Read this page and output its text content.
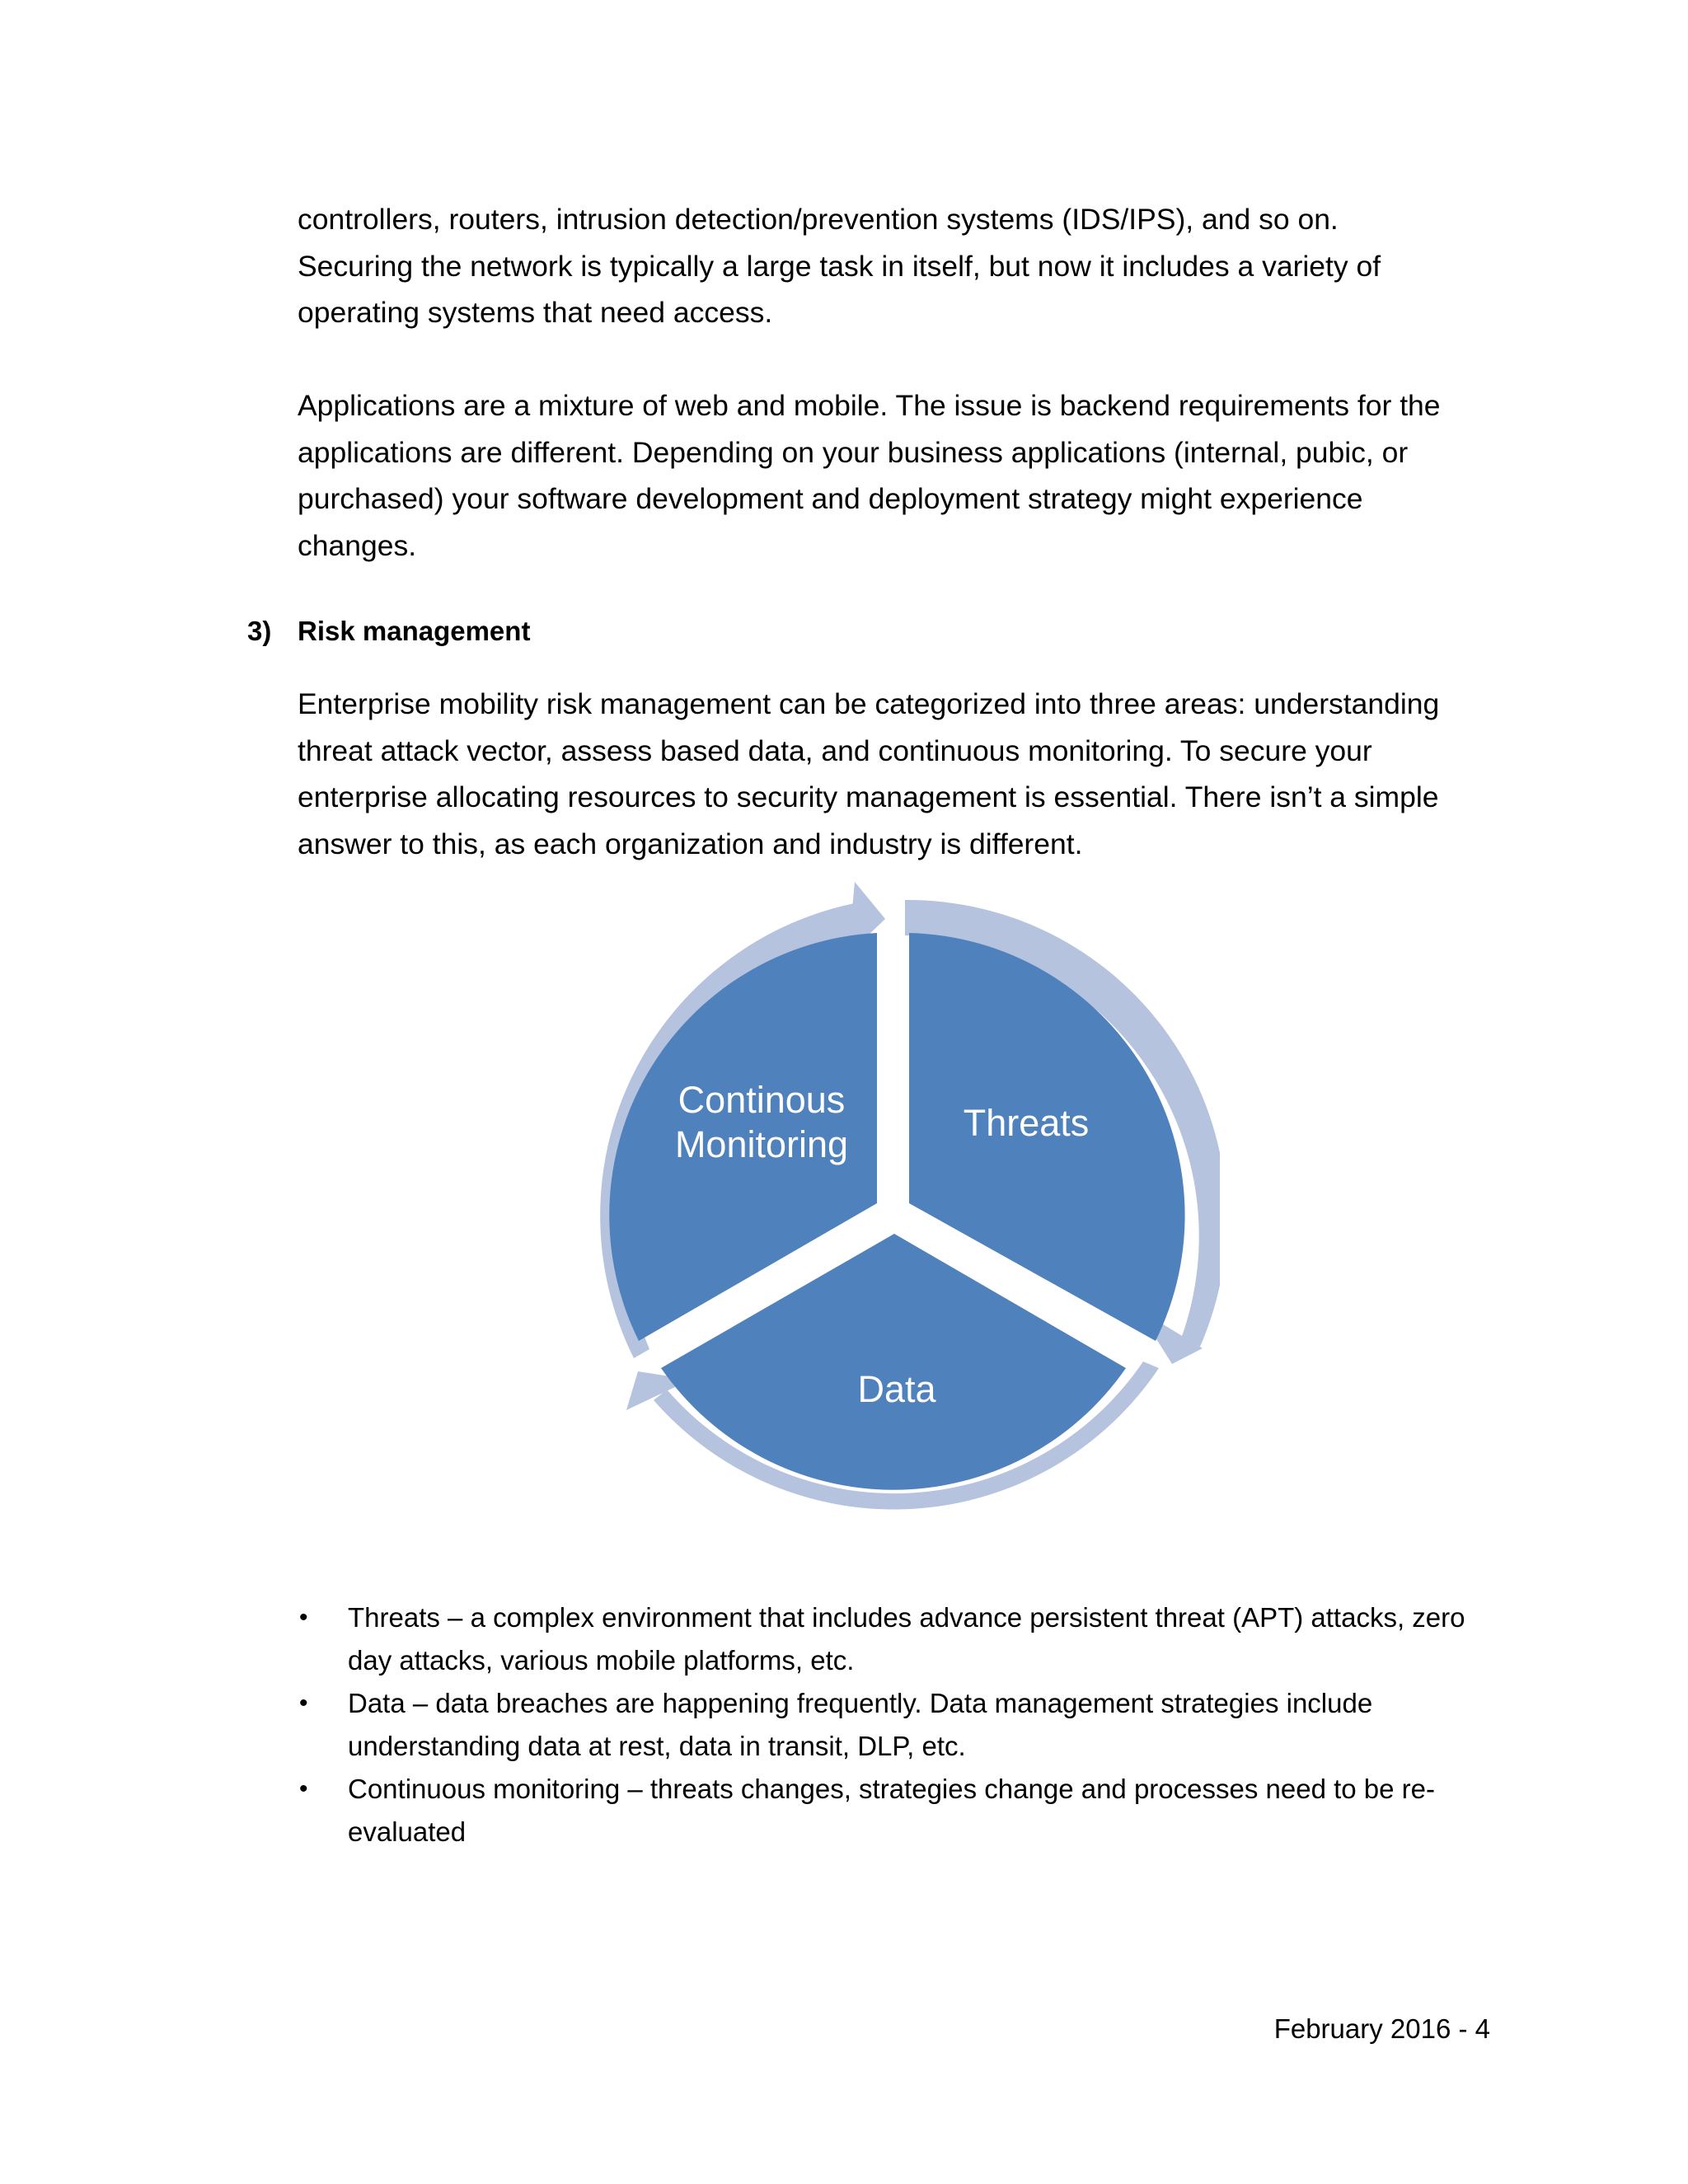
controllers, routers, intrusion detection/prevention systems (IDS/IPS), and so on.
Securing the network is typically a large task in itself, but now it includes a variety of
operating systems that need access.

Applications are a mixture of web and mobile. The issue is backend requirements for the
applications are different. Depending on your business applications (internal, pubic, or
purchased) your software development and deployment strategy might experience
changes.

3) Risk management

Enterprise mobility risk management can be categorized into three areas: understanding
threat attack vector, assess based data, and continuous monitoring. To secure your
enterprise allocating resources to security management is essential. There isn’t a simple
answer to this, as each organization and industry is different.

Continous
Monitoring
Threats
Data
• Threats – a complex environment that includes advance persistent threat (APT) attacks, zero
day attacks, various mobile platforms, etc.
• Data – data breaches are happening frequently. Data management strategies include
understanding data at rest, data in transit, DLP, etc.
• Continuous monitoring – threats changes, strategies change and processes need to be re-
evaluated
February 2016 - 4
